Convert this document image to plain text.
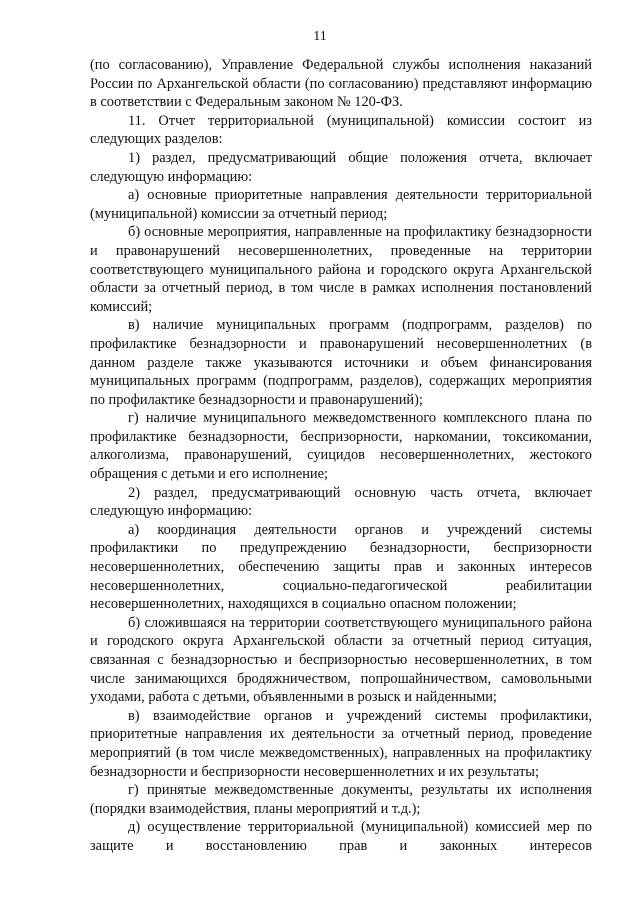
11

(по согласованию), Управление Федеральной службы исполнения наказаний России по Архангельской области (по согласованию) представляют информацию в соответствии с Федеральным законом № 120-ФЗ.

11. Отчет территориальной (муниципальной) комиссии состоит из следующих разделов:

1) раздел, предусматривающий общие положения отчета, включает следующую информацию:

а) основные приоритетные направления деятельности территориальной (муниципальной) комиссии за отчетный период;

б) основные мероприятия, направленные на профилактику безнадзорности и правонарушений несовершеннолетних, проведенные на территории соответствующего муниципального района и городского округа Архангельской области за отчетный период, в том числе в рамках исполнения постановлений комиссий;

в) наличие муниципальных программ (подпрограмм, разделов) по профилактике безнадзорности и правонарушений несовершеннолетних (в данном разделе также указываются источники и объем финансирования муниципальных программ (подпрограмм, разделов), содержащих мероприятия по профилактике безнадзорности и правонарушений);

г) наличие муниципального межведомственного комплексного плана по профилактике безнадзорности, беспризорности, наркомании, токсикомании, алкоголизма, правонарушений, суицидов несовершеннолетних, жестокого обращения с детьми и его исполнение;

2) раздел, предусматривающий основную часть отчета, включает следующую информацию:

а) координация деятельности органов и учреждений системы профилактики по предупреждению безнадзорности, беспризорности несовершеннолетних, обеспечению защиты прав и законных интересов несовершеннолетних, социально-педагогической реабилитации несовершеннолетних, находящихся в социально опасном положении;

б) сложившаяся на территории соответствующего муниципального района и городского округа Архангельской области за отчетный период ситуация, связанная с безнадзорностью и беспризорностью несовершеннолетних, в том числе занимающихся бродяжничеством, попрошайничеством, самовольными уходами, работа с детьми, объявленными в розыск и найденными;

в) взаимодействие органов и учреждений системы профилактики, приоритетные направления их деятельности за отчетный период, проведение мероприятий (в том числе межведомственных), направленных на профилактику безнадзорности и беспризорности несовершеннолетних и их результаты;

г) принятые межведомственные документы, результаты их исполнения (порядки взаимодействия, планы мероприятий и т.д.);

д) осуществление территориальной (муниципальной) комиссией мер по защите и восстановлению прав и законных интересов
